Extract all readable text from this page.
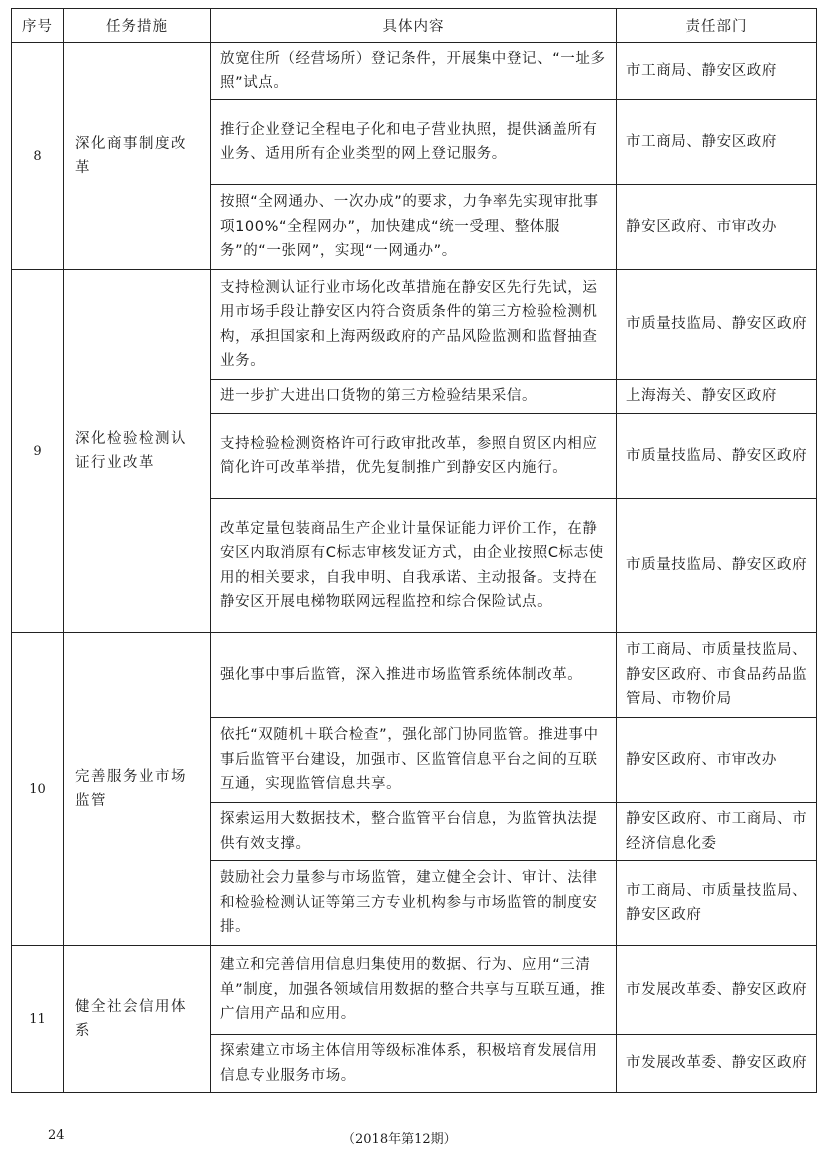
序号	任务措施	具体内容	责任部门
8	深化商事制度改革	放宽住所（经营场所）登记条件，开展集中登记、“一址多照”试点。	市工商局、静安区政府
		推行企业登记全程电子化和电子营业执照，提供涵盖所有业务、适用所有企业类型的网上登记服务。	市工商局、静安区政府
		按照“全网通办、一次办成”的要求，力争率先实现审批事项100%“全程网办”，加快建成“统一受理、整体服务”的“一张网”，实现“一网通办”。	静安区政府、市审改办
9	深化检验检测认证行业改革	支持检测认证行业市场化改革措施在静安区先行先试，运用市场手段让静安区内符合资质条件的第三方检验检测机构，承担国家和上海两级政府的产品风险监测和监督抽查业务。	市质量技监局、静安区政府
		进一步扩大进出口货物的第三方检验结果采信。	上海海关、静安区政府
		支持检验检测资格许可行政审批改革，参照自贸区内相应简化许可改革举措，优先复制推广到静安区内施行。	市质量技监局、静安区政府
		改革定量包装商品生产企业计量保证能力评价工作，在静安区内取消原有C标志审核发证方式，由企业按照C标志使用的相关要求，自我申明、自我承诺、主动报备。支持在静安区开展电梯物联网远程监控和综合保险试点。	市质量技监局、静安区政府
10	完善服务业市场监管	强化事中事后监管，深入推进市场监管系统体制改革。	市工商局、市质量技监局、静安区政府、市食品药品监管局、市物价局
		依托“双随机＋联合检查”，强化部门协同监管。推进事中事后监管平台建设，加强市、区监管信息平台之间的互联互通，实现监管信息共享。	静安区政府、市审改办
		探索运用大数据技术，整合监管平台信息，为监管执法提供有效支撑。	静安区政府、市工商局、市经济信息化委
		鼓励社会力量参与市场监管，建立健全会计、审计、法律和检验检测认证等第三方专业机构参与市场监管的制度安排。	市工商局、市质量技监局、静安区政府
11	健全社会信用体系	建立和完善信用信息归集使用的数据、行为、应用“三清单”制度，加强各领域信用数据的整合共享与互联互通，推广信用产品和应用。	市发展改革委、静安区政府
		探索建立市场主体信用等级标准体系，积极培育发展信用信息专业服务市场。	市发展改革委、静安区政府
24	（2018年第12期）
